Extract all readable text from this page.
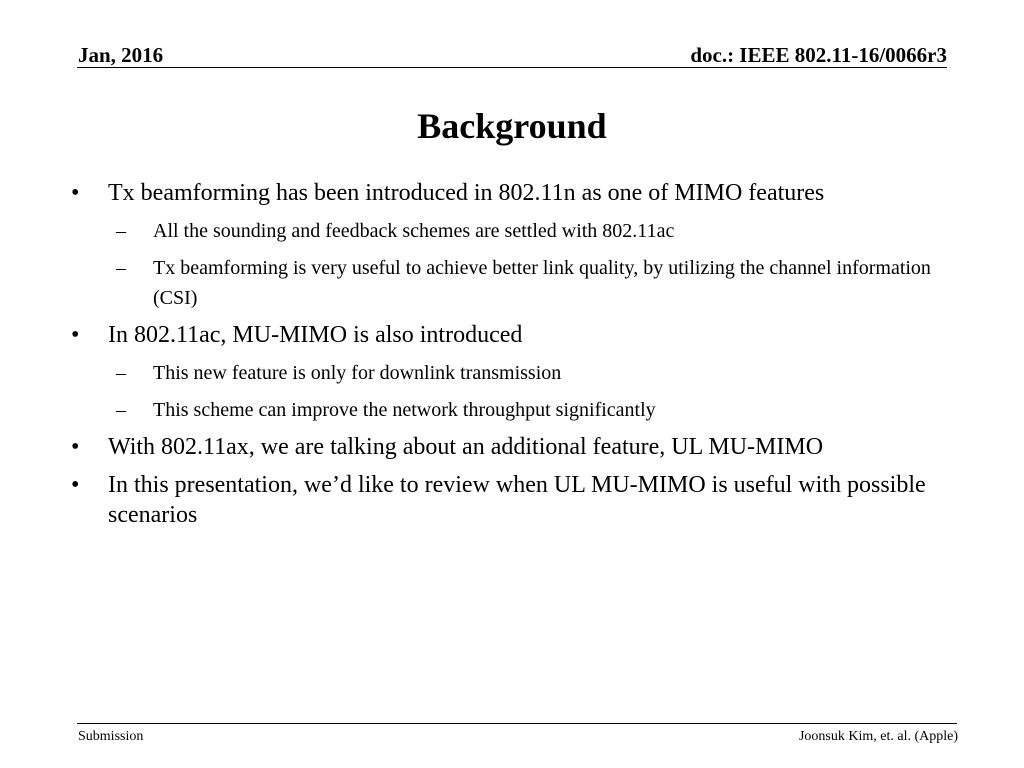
Jan, 2016	doc.: IEEE 802.11-16/0066r3
Background
•	Tx beamforming has been introduced in 802.11n as one of MIMO features
–	All the sounding and feedback schemes are settled with 802.11ac
–	Tx beamforming is very useful to achieve better link quality, by utilizing the channel information (CSI)
•	In 802.11ac, MU-MIMO is also introduced
–	This new feature is only for downlink transmission
–	This scheme can improve the network throughput significantly
•	With 802.11ax, we are talking about an additional feature, UL MU-MIMO
•	In this presentation, we’d like to review when UL MU-MIMO is useful with possible scenarios
Submission	Joonsuk Kim, et. al. (Apple)
